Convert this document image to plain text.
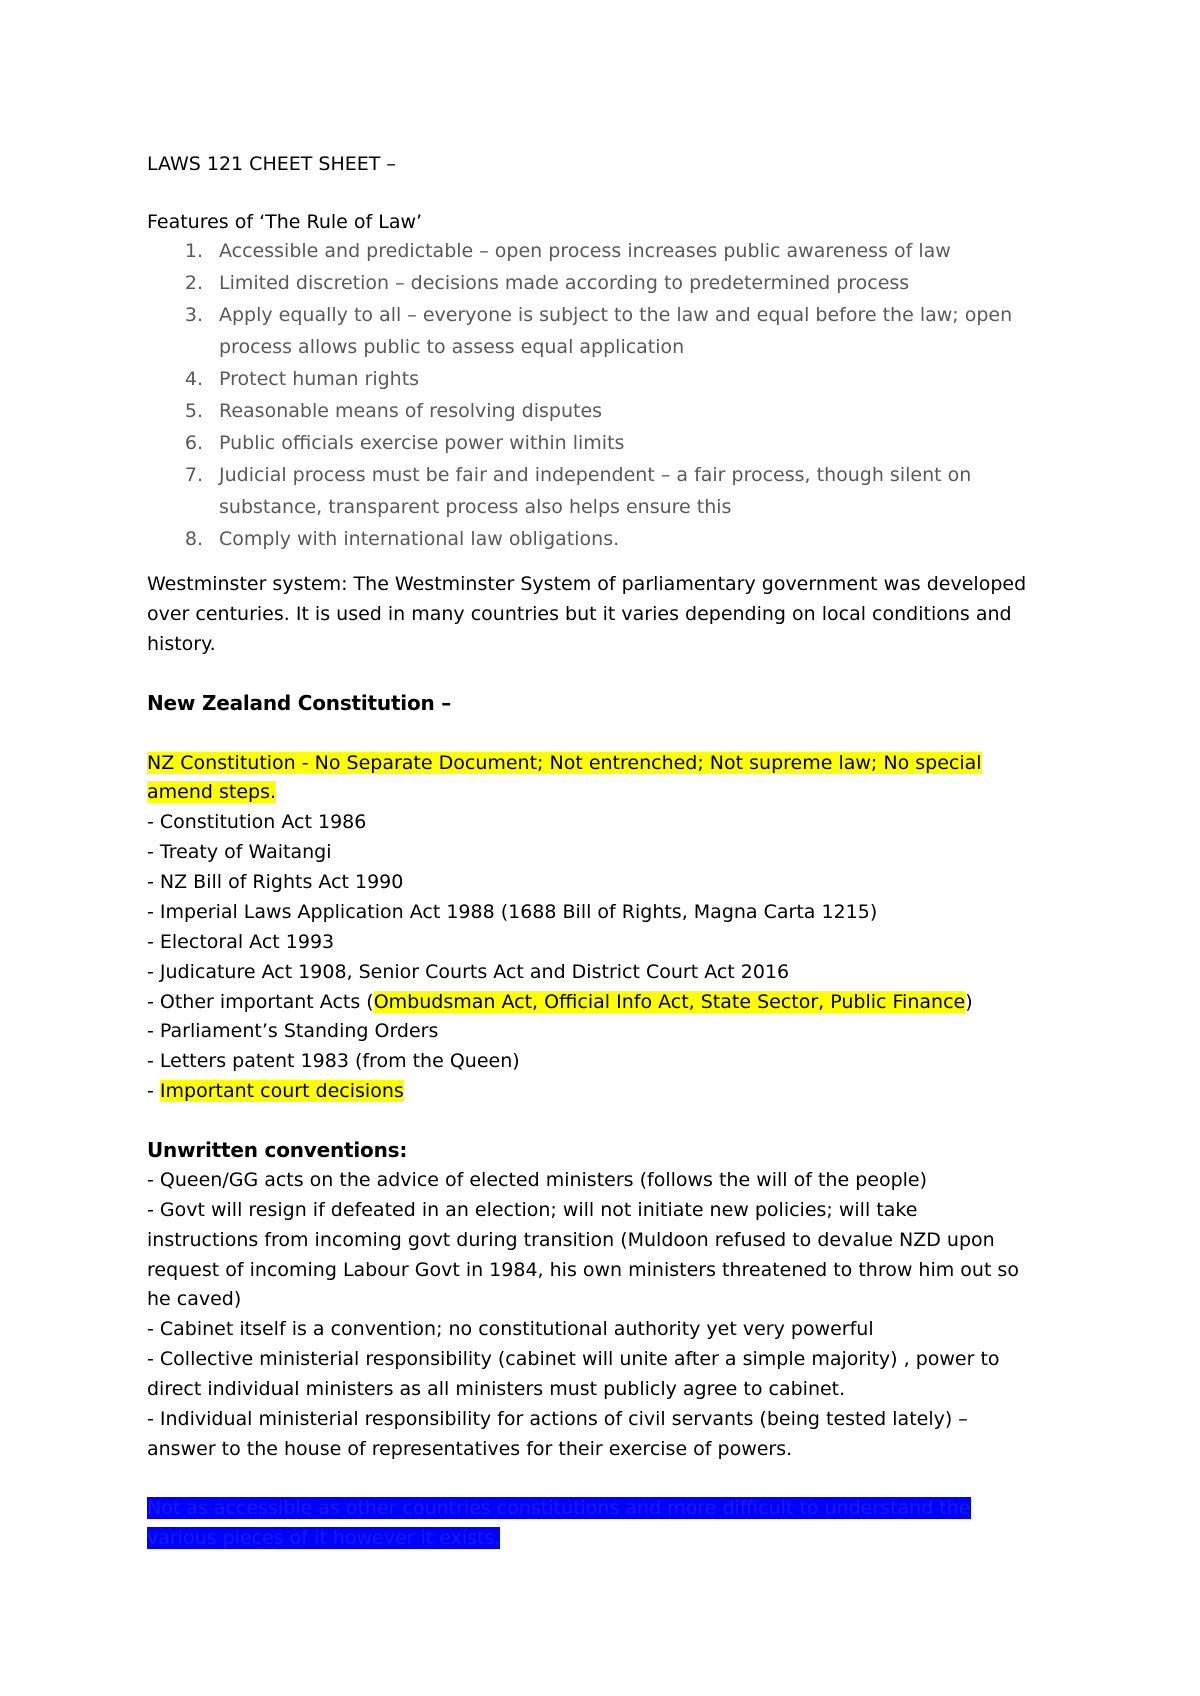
LAWS 121 CHEET SHEET –
Features of ‘The Rule of Law’
1. Accessible and predictable – open process increases public awareness of law
2. Limited discretion – decisions made according to predetermined process
3. Apply equally to all – everyone is subject to the law and equal before the law; open
process allows public to assess equal application
4. Protect human rights
5. Reasonable means of resolving disputes
6. Public officials exercise power within limits
7. Judicial process must be fair and independent – a fair process, though silent on
substance, transparent process also helps ensure this
8. Comply with international law obligations.
Westminster system: The Westminster System of parliamentary government was developed
over centuries. It is used in many countries but it varies depending on local conditions and
history.
New Zealand Constitution –
NZ Constitution - No Separate Document; Not entrenched; Not supreme law; No special
amend steps.
- Constitution Act 1986
- Treaty of Waitangi
- NZ Bill of Rights Act 1990
- Imperial Laws Application Act 1988 (1688 Bill of Rights, Magna Carta 1215)
- Electoral Act 1993
- Judicature Act 1908, Senior Courts Act and District Court Act 2016
- Other important Acts (Ombudsman Act, Official Info Act, State Sector, Public Finance)
- Parliament’s Standing Orders
- Letters patent 1983 (from the Queen)
- Important court decisions
Unwritten conventions:
- Queen/GG acts on the advice of elected ministers (follows the will of the people)
- Govt will resign if defeated in an election; will not initiate new policies; will take
instructions from incoming govt during transition (Muldoon refused to devalue NZD upon
request of incoming Labour Govt in 1984, his own ministers threatened to throw him out so
he caved)
- Cabinet itself is a convention; no constitutional authority yet very powerful
- Collective ministerial responsibility (cabinet will unite after a simple majority) , power to
direct individual ministers as all ministers must publicly agree to cabinet.
- Individual ministerial responsibility for actions of civil servants (being tested lately) –
answer to the house of representatives for their exercise of powers.
Not as accessible as other countries constitutions and more difficult to understand the
various pieces of it however it exists.
